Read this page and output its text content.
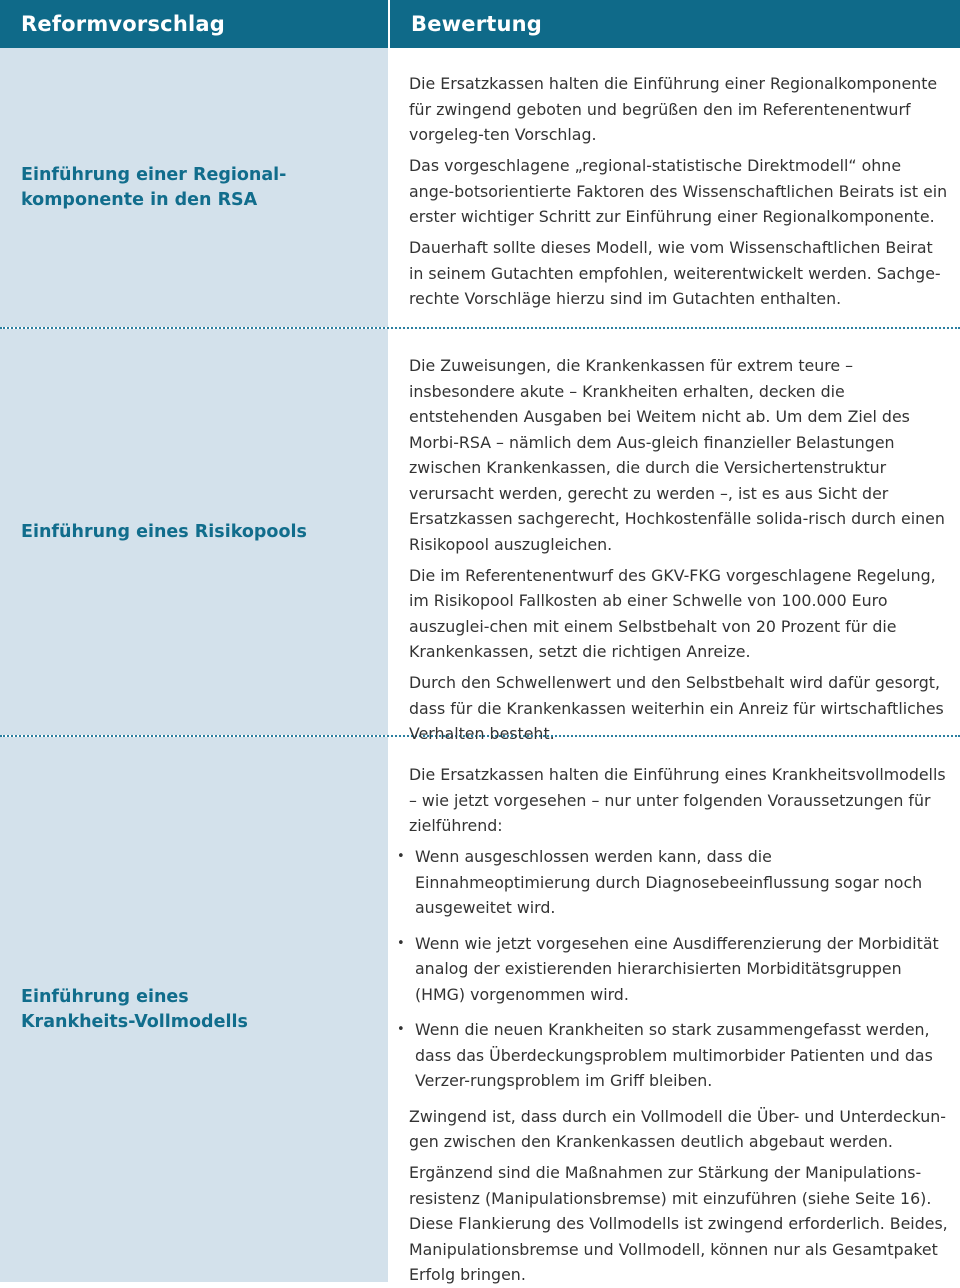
Reformvorschlag	Bewertung
Einführung einer Regional-
komponente in den RSA

Die Ersatzkassen halten die Einführung einer Regionalkomponente für zwingend geboten und begrüßen den im Referentenentwurf vorgeleg-ten Vorschlag.

Das vorgeschlagene „regional-statistische Direktmodell“ ohne ange-botsorientierte Faktoren des Wissenschaftlichen Beirats ist ein erster wichtiger Schritt zur Einführung einer Regionalkomponente.

Dauerhaft sollte dieses Modell, wie vom Wissenschaftlichen Beirat in seinem Gutachten empfohlen, weiterentwickelt werden. Sachge-rechte Vorschläge hierzu sind im Gutachten enthalten.

Einführung eines Risikopools

Die Zuweisungen, die Krankenkassen für extrem teure – insbesondere akute – Krankheiten erhalten, decken die entstehenden Ausgaben bei Weitem nicht ab. Um dem Ziel des Morbi-RSA – nämlich dem Aus-gleich finanzieller Belastungen zwischen Krankenkassen, die durch die Versichertenstruktur verursacht werden, gerecht zu werden –, ist es aus Sicht der Ersatzkassen sachgerecht, Hochkostenfälle solida-risch durch einen Risikopool auszugleichen.

Die im Referentenentwurf des GKV-FKG vorgeschlagene Regelung, im Risikopool Fallkosten ab einer Schwelle von 100.000 Euro auszuglei-chen mit einem Selbstbehalt von 20 Prozent für die Krankenkassen, setzt die richtigen Anreize.

Durch den Schwellenwert und den Selbstbehalt wird dafür gesorgt, dass für die Krankenkassen weiterhin ein Anreiz für wirtschaftliches Verhalten besteht.

Einführung eines
Krankheits-Vollmodells

Die Ersatzkassen halten die Einführung eines Krankheitsvollmodells – wie jetzt vorgesehen – nur unter folgenden Voraussetzungen für zielführend:

• Wenn ausgeschlossen werden kann, dass die Einnahmeoptimierung durch Diagnosebeeinflussung sogar noch ausgeweitet wird.
• Wenn wie jetzt vorgesehen eine Ausdifferenzierung der Morbidität analog der existierenden hierarchisierten Morbiditätsgruppen (HMG) vorgenommen wird.
• Wenn die neuen Krankheiten so stark zusammengefasst werden, dass das Überdeckungsproblem multimorbider Patienten und das Verzer-rungsproblem im Griff bleiben.

Zwingend ist, dass durch ein Vollmodell die Über- und Unterdeckun-gen zwischen den Krankenkassen deutlich abgebaut werden.

Ergänzend sind die Maßnahmen zur Stärkung der Manipulations-resistenz (Manipulationsbremse) mit einzuführen (siehe Seite 16). Diese Flankierung des Vollmodells ist zwingend erforderlich. Beides, Manipulationsbremse und Vollmodell, können nur als Gesamtpaket Erfolg bringen.
